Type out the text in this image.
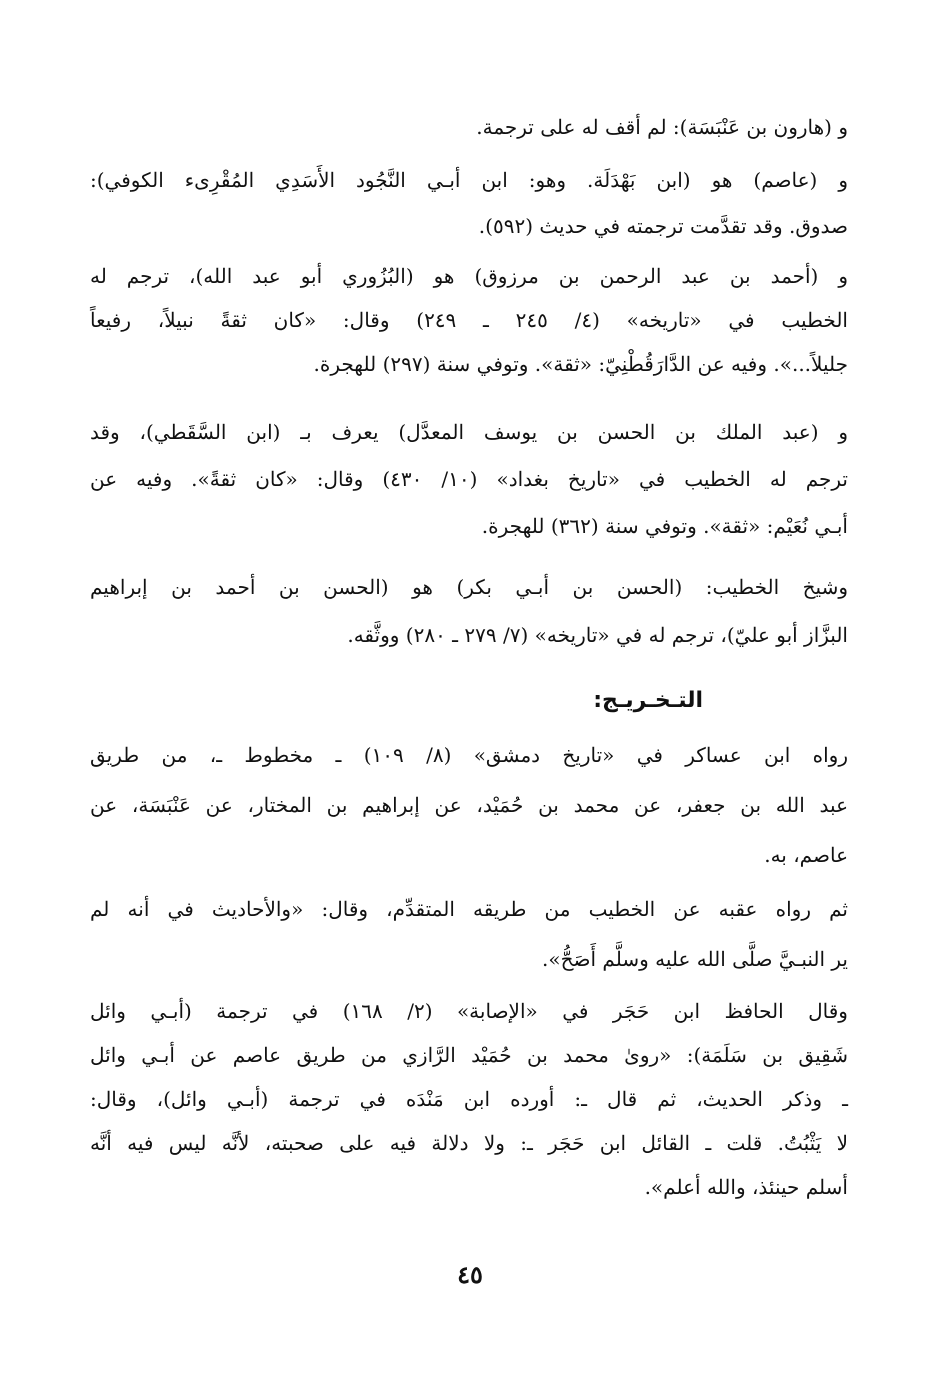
و (هارون بن عَنْبَسَة): لم أقف له على ترجمة.
و (عاصم) هو (ابن بَهْدَلَة. وهو: ابن أبـي النَّجُود الأَسَدِي المُقْرِىء الكوفي):
صدوق. وقد تقدَّمت ترجمته في حديث (٥٩٢).
و (أحمد بن عبد الرحمن بن مرزوق) هو (البُزُوري أبو عبد الله)، ترجم له
الخطيب في «تاريخه» (٤/ ٢٤٥ ـ ٢٤٩) وقال: «كان ثقةً نبيلاً، رفيعاً
جليلاً...». وفيه عن الدَّارَقُطْنِيّ: «ثقة». وتوفي سنة (٢٩٧) للهجرة.
و (عبد الملك بن الحسن بن يوسف المعدَّل) يعرف بـ (ابن السَّقَطي)، وقد
ترجم له الخطيب في «تاريخ بغداد» (١٠/ ٤٣٠) وقال: «كان ثقةً». وفيه عن
أبـي نُعَيْم: «ثقة». وتوفي سنة (٣٦٢) للهجرة.
وشيخ الخطيب: (الحسن بن أبـي بكر) هو (الحسن بن أحمد بن إبراهيم
البزَّاز أبو عليّ)، ترجم له في «تاريخه» (٧/ ٢٧٩ ـ ٢٨٠) ووثَّقه.
التـخـريـج:
رواه ابن عساكر في «تاريخ دمشق» (٨/ ١٠٩) ـ مخطوط ـ، من طريق
عبد الله بن جعفر، عن محمد بن حُمَيْد، عن إبراهيم بن المختار، عن عَنْبَسَة، عن
عاصم، به.
ثم رواه عقبه عن الخطيب من طريقه المتقدِّم، وقال: «والأحاديث في أنه لم
ير النبـيَّ صلَّى الله عليه وسلَّم أَصَحُّ».
وقال الحافظ ابن حَجَر في «الإصابة» (٢/ ١٦٨) في ترجمة (أبـي وائل
شَقِيق بن سَلَمَة): «روىٰ محمد بن حُمَيْد الرَّازي من طريق عاصم عن أبـي وائل
ـ وذكر الحديث، ثم قال ـ: أورده ابن مَنْدَه في ترجمة (أبـي وائل)، وقال:
لا يَثْبُتُ. قلت ـ القائل ابن حَجَر ـ: ولا دلالة فيه على صحبته، لأنَّه ليس فيه أنَّه
أسلم حينئذ، والله أعلم».
٤٥
